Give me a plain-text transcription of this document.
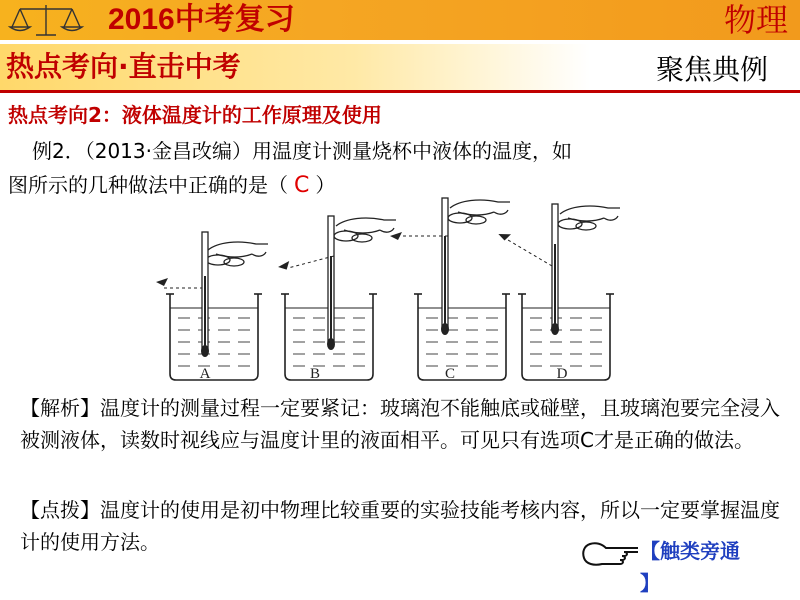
2016中考复习	物理
热点考向·直击中考	聚焦典例
热点考向2：液体温度计的工作原理及使用
例2．（2013·金昌改编）用温度计测量烧杯中液体的温度，如
图所示的几种做法中正确的是（ C ）
A	B	C	D
【解析】温度计的测量过程一定要紧记：玻璃泡不能触底或碰壁，且玻璃泡要完全浸入被测液体，读数时视线应与温度计里的液面相平。可见只有选项C才是正确的做法。
【点拨】温度计的使用是初中物理比较重要的实验技能考核内容，所以一定要掌握温度计的使用方法。	【触类旁通
】
